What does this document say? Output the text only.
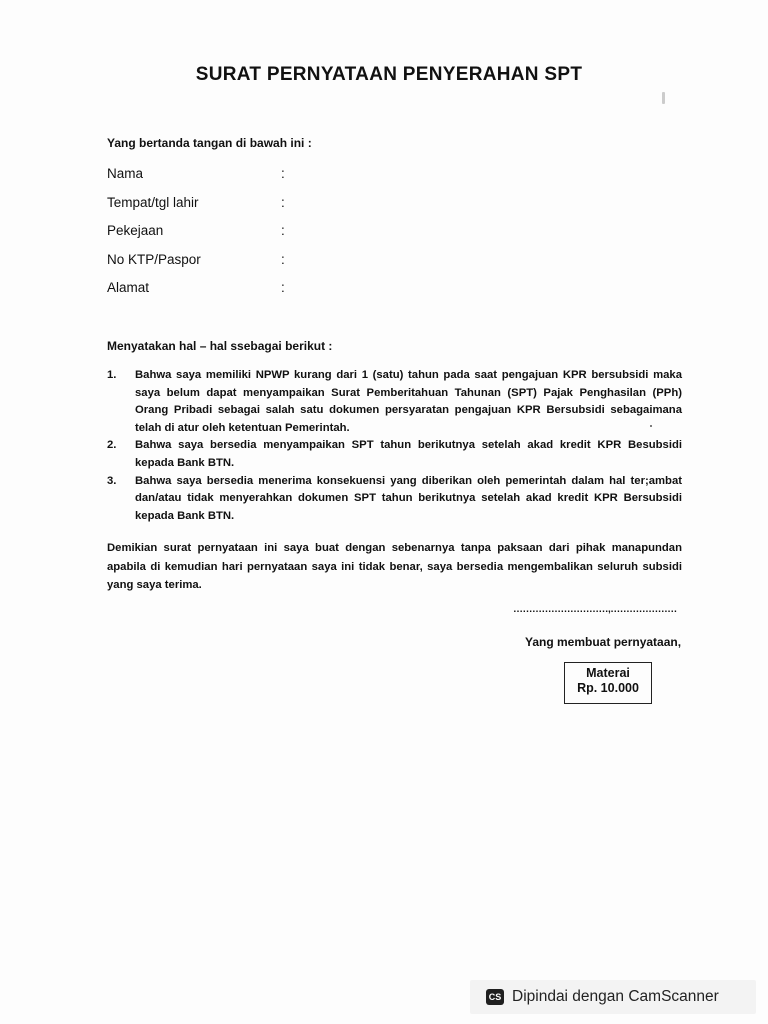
SURAT PERNYATAAN PENYERAHAN SPT
Yang bertanda tangan di bawah ini :
Nama	:
Tempat/tgl lahir	:
Pekejaan	:
No KTP/Paspor	:
Alamat	:
Menyatakan hal – hal ssebagai berikut :
1. Bahwa saya memiliki NPWP kurang dari 1 (satu) tahun pada saat pengajuan KPR bersubsidi maka saya belum dapat menyampaikan Surat Pemberitahuan Tahunan (SPT) Pajak Penghasilan (PPh) Orang Pribadi sebagai salah satu dokumen persyaratan pengajuan KPR Bersubsidi sebagaimana telah di atur oleh ketentuan Pemerintah.
2. Bahwa saya bersedia menyampaikan SPT tahun berikutnya setelah akad kredit KPR Besubsidi kepada Bank BTN.
3. Bahwa saya bersedia menerima konsekuensi yang diberikan oleh pemerintah dalam hal ter;ambat dan/atau tidak menyerahkan dokumen SPT tahun berikutnya setelah akad kredit KPR Bersubsidi kepada Bank BTN.
Demikian surat pernyataan ini saya buat dengan sebenarnya tanpa paksaan dari pihak manapundan apabila di kemudian hari pernyataan saya ini tidak benar, saya bersedia mengembalikan seluruh subsidi yang saya terima.
…………………………,…………………
Yang membuat pernyataan,
Materai
Rp. 10.000
CS Dipindai dengan CamScanner
